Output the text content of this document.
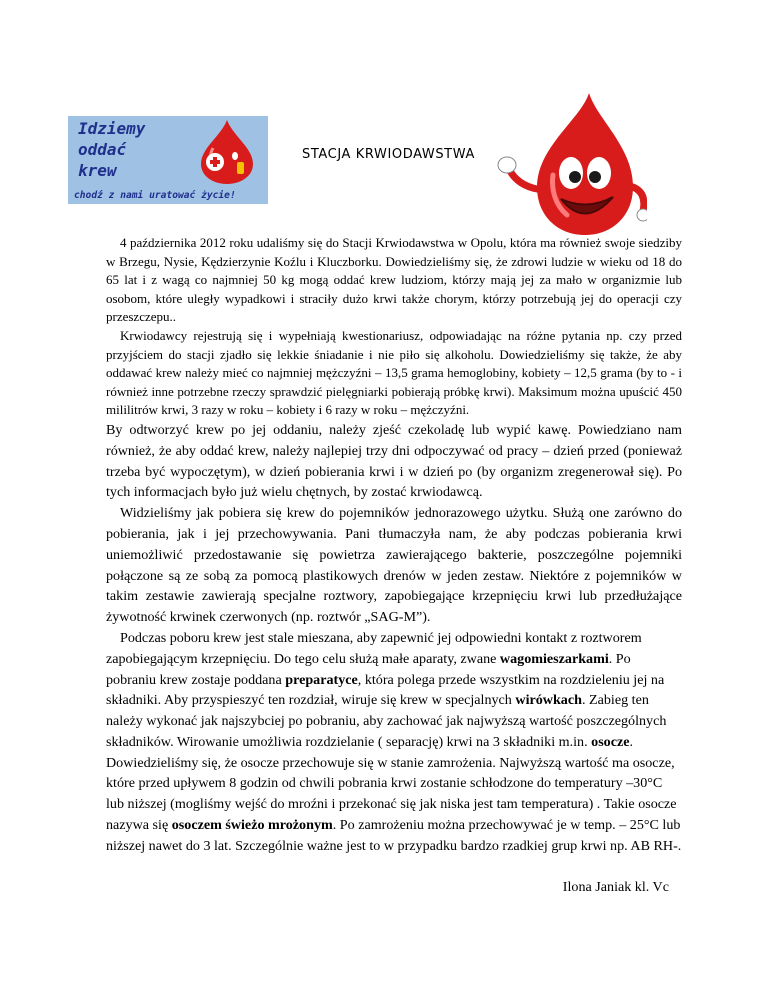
Idziemy
oddać
krew
chodź z nami uratować życie!
STACJA KRWIODAWSTWA

4 października 2012 roku udaliśmy się do Stacji Krwiodawstwa w Opolu, która ma również swoje siedziby w Brzegu, Nysie, Kędzierzynie Koźlu i Kluczborku. Dowiedzieliśmy się, że zdrowi ludzie w wieku od 18 do 65 lat i z wagą co najmniej 50 kg mogą oddać krew ludziom, którzy mają jej za mało w organizmie lub osobom, które uległy wypadkowi i straciły dużo krwi także chorym, którzy potrzebują jej do operacji czy przeszczepu..

Krwiodawcy rejestrują się i wypełniają kwestionariusz, odpowiadając na różne pytania np. czy przed przyjściem do stacji zjadło się lekkie śniadanie i nie piło się alkoholu. Dowiedzieliśmy się także, że aby oddawać krew należy mieć co najmniej mężczyźni – 13,5 grama hemoglobiny, kobiety – 12,5 grama (by to - i również inne potrzebne rzeczy sprawdzić pielęgniarki pobierają próbkę krwi). Maksimum można upuścić 450 mililitrów krwi, 3 razy w roku – kobiety i 6 razy w roku – mężczyźni.

By odtworzyć krew po jej oddaniu, należy zjeść czekoladę lub wypić kawę. Powiedziano nam również, że aby oddać krew, należy najlepiej trzy dni odpoczywać od pracy – dzień przed (ponieważ trzeba być wypoczętym), w dzień pobierania krwi i w dzień po (by organizm zregenerował się). Po tych informacjach było już wielu chętnych, by zostać krwiodawcą.

Widzieliśmy jak pobiera się krew do pojemników jednorazowego użytku. Służą one zarówno do pobierania, jak i jej przechowywania. Pani tłumaczyła nam, że aby podczas pobierania krwi uniemożliwić przedostawanie się powietrza zawierającego bakterie, poszczególne pojemniki połączone są ze sobą za pomocą plastikowych drenów w jeden zestaw. Niektóre z pojemników w takim zestawie zawierają specjalne roztwory, zapobiegające krzepnięciu krwi lub przedłużające żywotność krwinek czerwonych (np. roztwór „SAG-M”).

Podczas poboru krew jest stale mieszana, aby zapewnić jej odpowiedni kontakt z roztworem zapobiegającym krzepnięciu. Do tego celu służą małe aparaty, zwane wagomieszarkami. Po pobraniu krew zostaje poddana preparatyce, która polega przede wszystkim na rozdzieleniu jej na składniki. Aby przyspieszyć ten rozdział, wiruje się krew w specjalnych wirówkach. Zabieg ten należy wykonać jak najszybciej po pobraniu, aby zachować jak najwyższą wartość poszczególnych składników. Wirowanie umożliwia rozdzielanie ( separację) krwi na 3 składniki m.in. osocze. Dowiedzieliśmy się, że osocze przechowuje się w stanie zamrożenia. Najwyższą wartość ma osocze, które przed upływem 8 godzin od chwili pobrania krwi zostanie schłodzone do temperatury –30°C lub niższej (mogliśmy wejść do mroźni i przekonać się jak niska jest tam temperatura) . Takie osocze nazywa się osoczem świeżo mrożonym. Po zamrożeniu można przechowywać je w temp. – 25°C lub niższej nawet do 3 lat. Szczególnie ważne jest to w przypadku bardzo rzadkiej grup krwi np. AB RH-.

Ilona Janiak kl. Vc
